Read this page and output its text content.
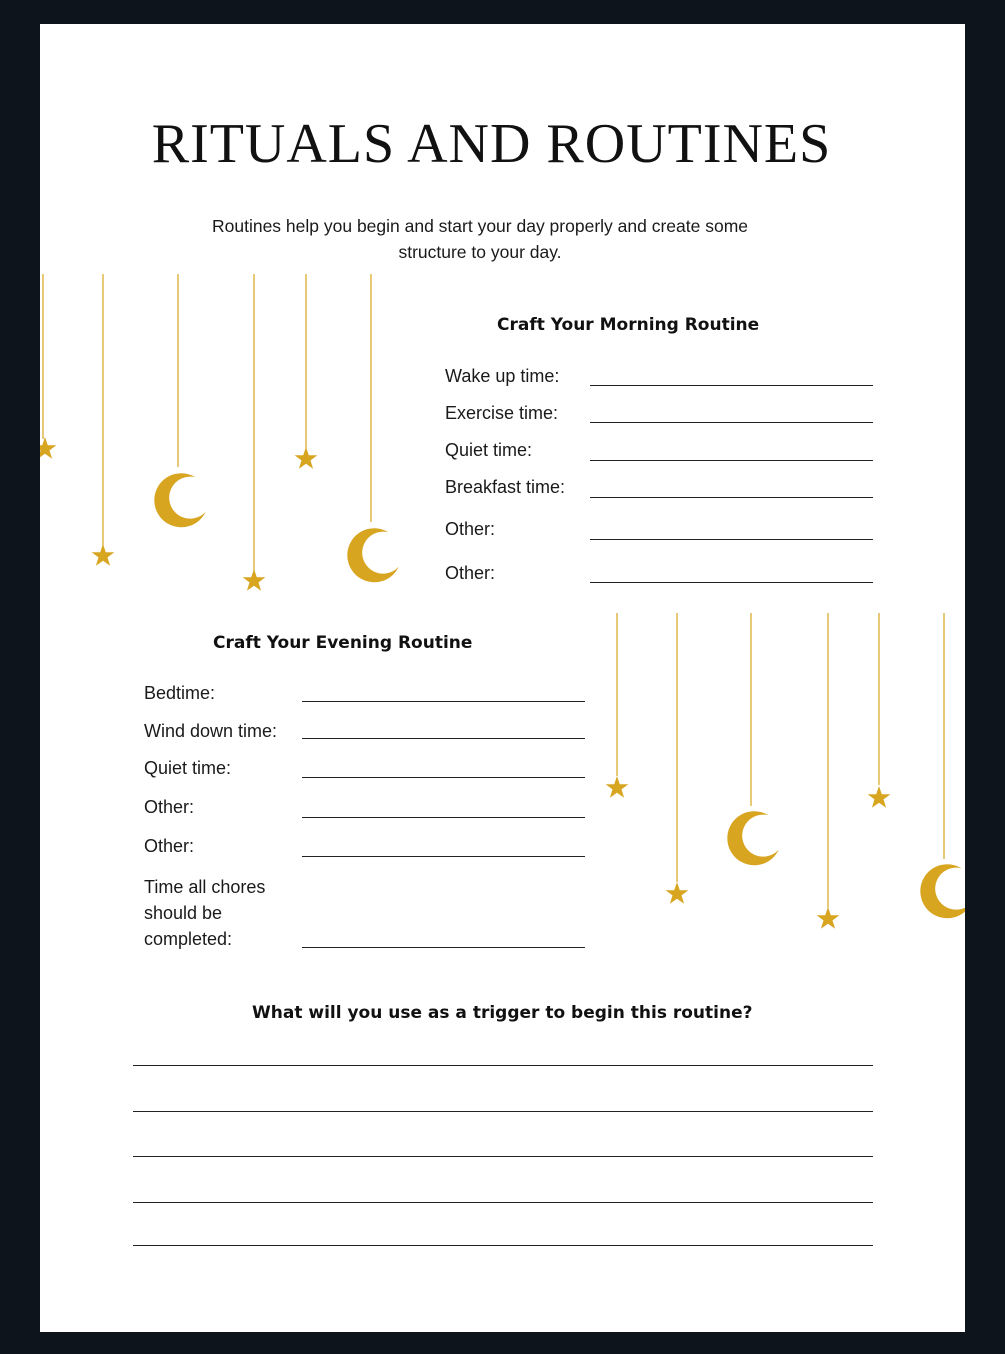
RITUALS AND ROUTINES
Routines help you begin and start your day properly and create some structure to your day.
Craft Your Morning Routine
Wake up time:
Exercise time:
Quiet time:
Breakfast time:
Other:
Other:
Craft Your Evening Routine
Bedtime:
Wind down time:
Quiet time:
Other:
Other:
Time all chores should be completed:
What will you use as a trigger to begin this routine?
